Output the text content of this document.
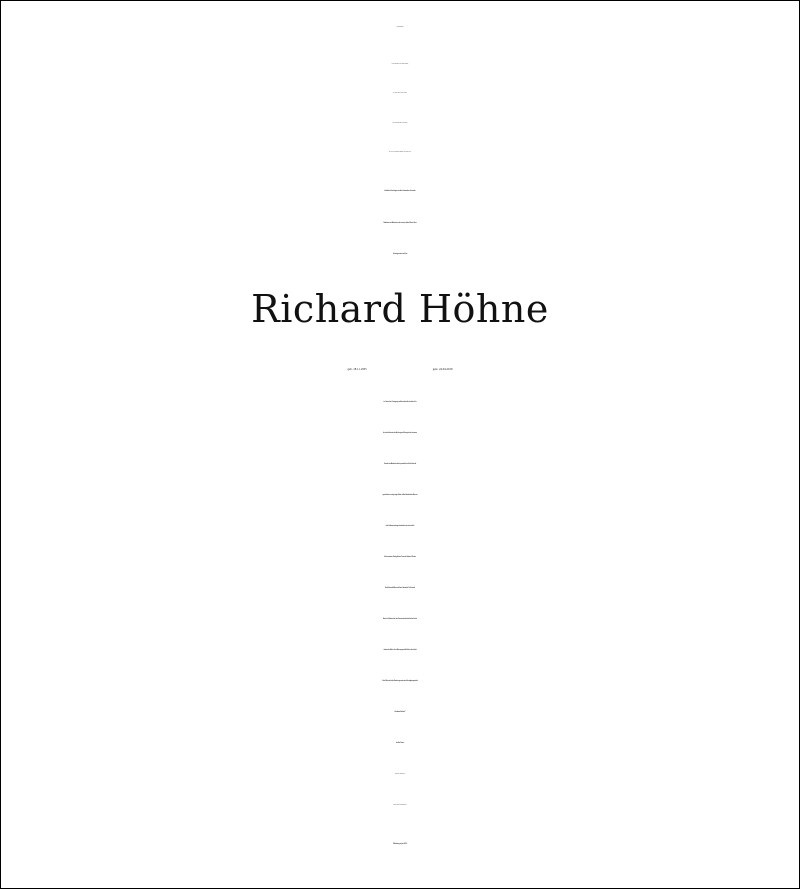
Danksagung
Alles machten wir gemeinsam,
nie war einer ganz allein.
Nun hast du uns verlassen,
im Herzen wirst du immer bei uns sein.
Herzlichen Dank sagen wir allen Verwandten, Freunden,
Nachbarn und Bekannten, die meinem lieben Mann, Vater,
Schwiegervater und Opa
Richard Höhne
geb. 18.11.1935	gest. 24.04.2019
im Leben ihre Zuneigung und Freundschaft schenkten. Für
die vielen Beweise der Achtung und Ehrung in der schweren
Stunde des Abschieds durch persönliches Geleit, liebevoll
geschriebene und gesagte Worte, stillen Händedruck, Blumen
und Geldzuwendungen bedanken wir uns herzlich.
Ein besonderer Dank gilt dem Team der Station 14 b des
Paul-Gerhardt-Stiftes und Frau Oberärztin Dr. Schmidt.
Auch ein Dankeschön der Trauerrednerin Frau Fischer für die
tröstenden Worte, dem Blumengeschäft Gerke, dem Hotel
Best Western für die Bewirtung sowie dem Beerdigungsinstitut
„Ferdinand Schach“.
In stiller Trauer:
Ehefrau Annelore
sowie alle Angehörigen
Wittenberg, im Juni 2019
